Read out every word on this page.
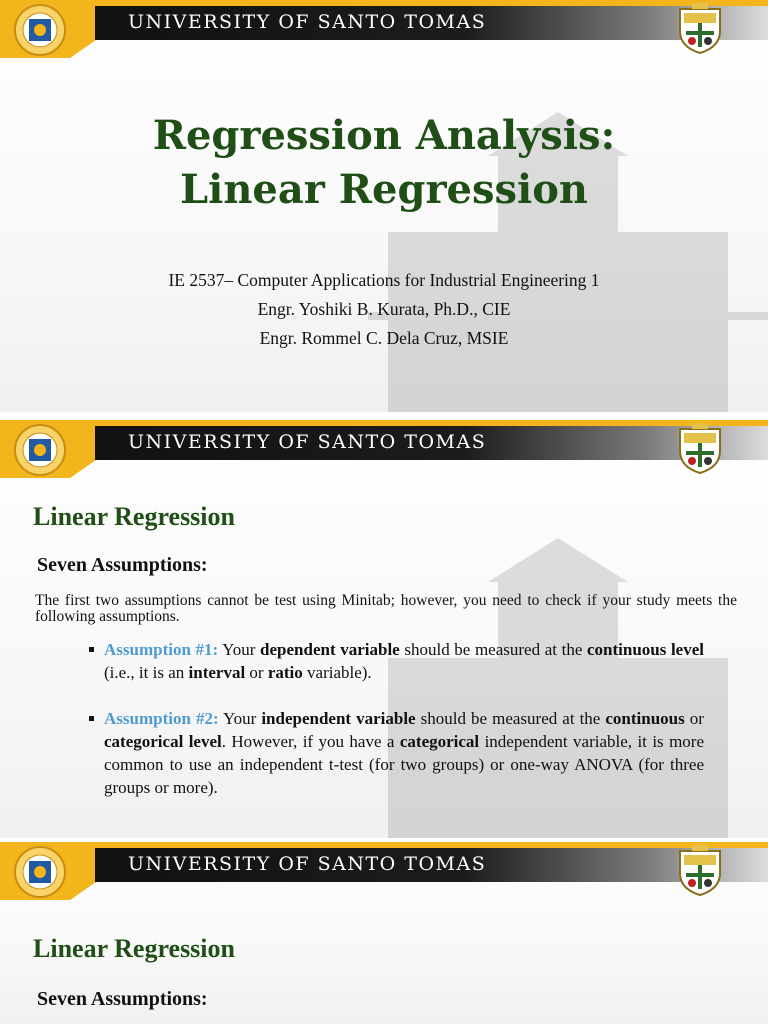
UNIVERSITY OF SANTO TOMAS
Regression Analysis:
Linear Regression
IE 2537– Computer Applications for Industrial Engineering 1
Engr. Yoshiki B. Kurata, Ph.D., CIE
Engr. Rommel C. Dela Cruz, MSIE
UNIVERSITY OF SANTO TOMAS
Linear Regression
Seven Assumptions:
The first two assumptions cannot be test using Minitab; however, you need to check if your study meets the following assumptions.
Assumption #1: Your dependent variable should be measured at the continuous level (i.e., it is an interval or ratio variable).
Assumption #2: Your independent variable should be measured at the continuous or categorical level. However, if you have a categorical independent variable, it is more common to use an independent t-test (for two groups) or one-way ANOVA (for three groups or more).
UNIVERSITY OF SANTO TOMAS
Linear Regression
Seven Assumptions:
